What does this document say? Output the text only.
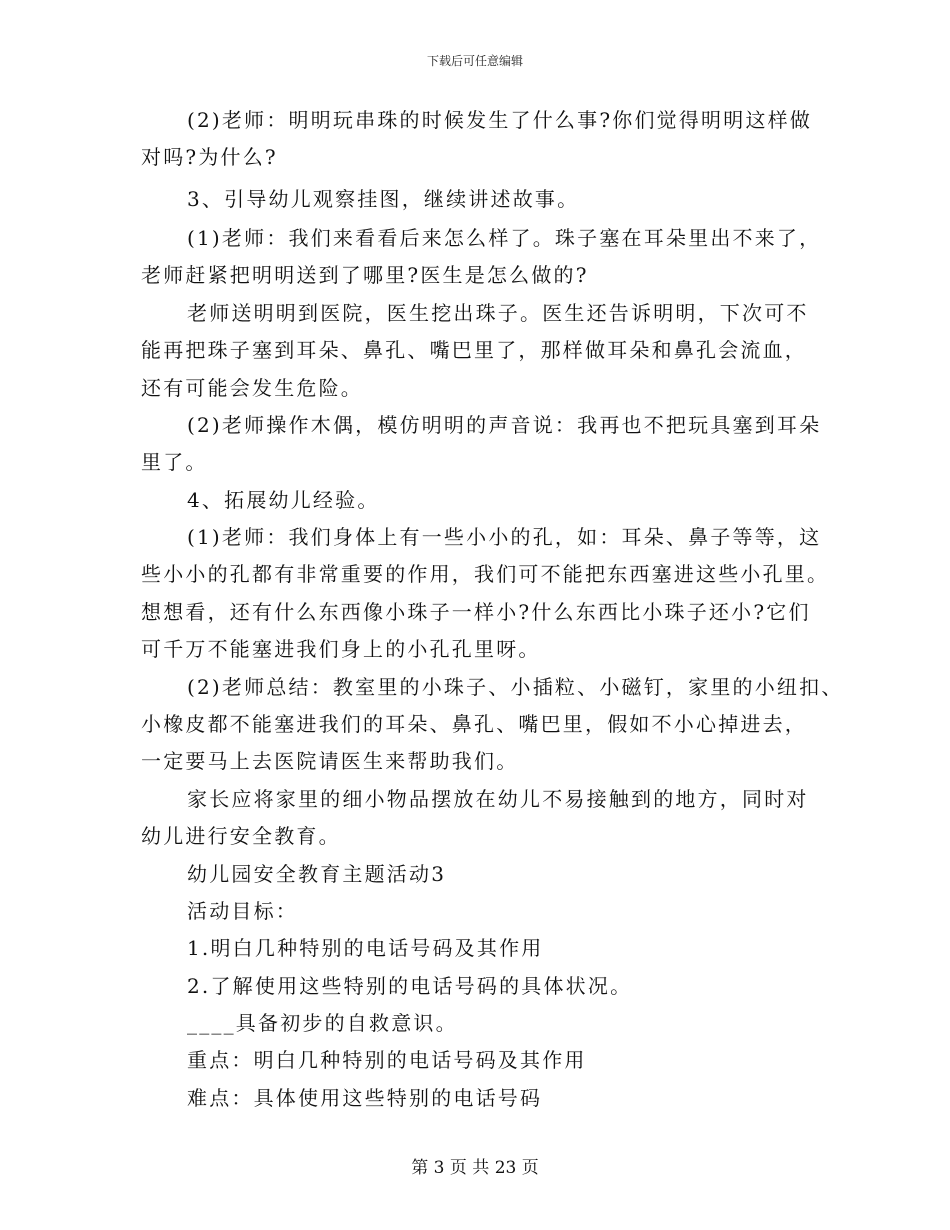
下载后可任意编辑
(2)老师：明明玩串珠的时候发生了什么事?你们觉得明明这样做
对吗?为什么?
3、引导幼儿观察挂图，继续讲述故事。
(1)老师：我们来看看后来怎么样了。珠子塞在耳朵里出不来了，
老师赶紧把明明送到了哪里?医生是怎么做的?
老师送明明到医院，医生挖出珠子。医生还告诉明明，下次可不
能再把珠子塞到耳朵、鼻孔、嘴巴里了，那样做耳朵和鼻孔会流血，
还有可能会发生危险。
(2)老师操作木偶，模仿明明的声音说：我再也不把玩具塞到耳朵
里了。
4、拓展幼儿经验。
(1)老师：我们身体上有一些小小的孔，如：耳朵、鼻子等等，这
些小小的孔都有非常重要的作用，我们可不能把东西塞进这些小孔里。
想想看，还有什么东西像小珠子一样小?什么东西比小珠子还小?它们
可千万不能塞进我们身上的小孔孔里呀。
(2)老师总结：教室里的小珠子、小插粒、小磁钉，家里的小纽扣、
小橡皮都不能塞进我们的耳朵、鼻孔、嘴巴里，假如不小心掉进去，
一定要马上去医院请医生来帮助我们。
家长应将家里的细小物品摆放在幼儿不易接触到的地方，同时对
幼儿进行安全教育。
幼儿园安全教育主题活动3
活动目标：
1.明白几种特别的电话号码及其作用
2.了解使用这些特别的电话号码的具体状况。
____具备初步的自救意识。
重点：明白几种特别的电话号码及其作用
难点：具体使用这些特别的电话号码
第 3 页 共 23 页
